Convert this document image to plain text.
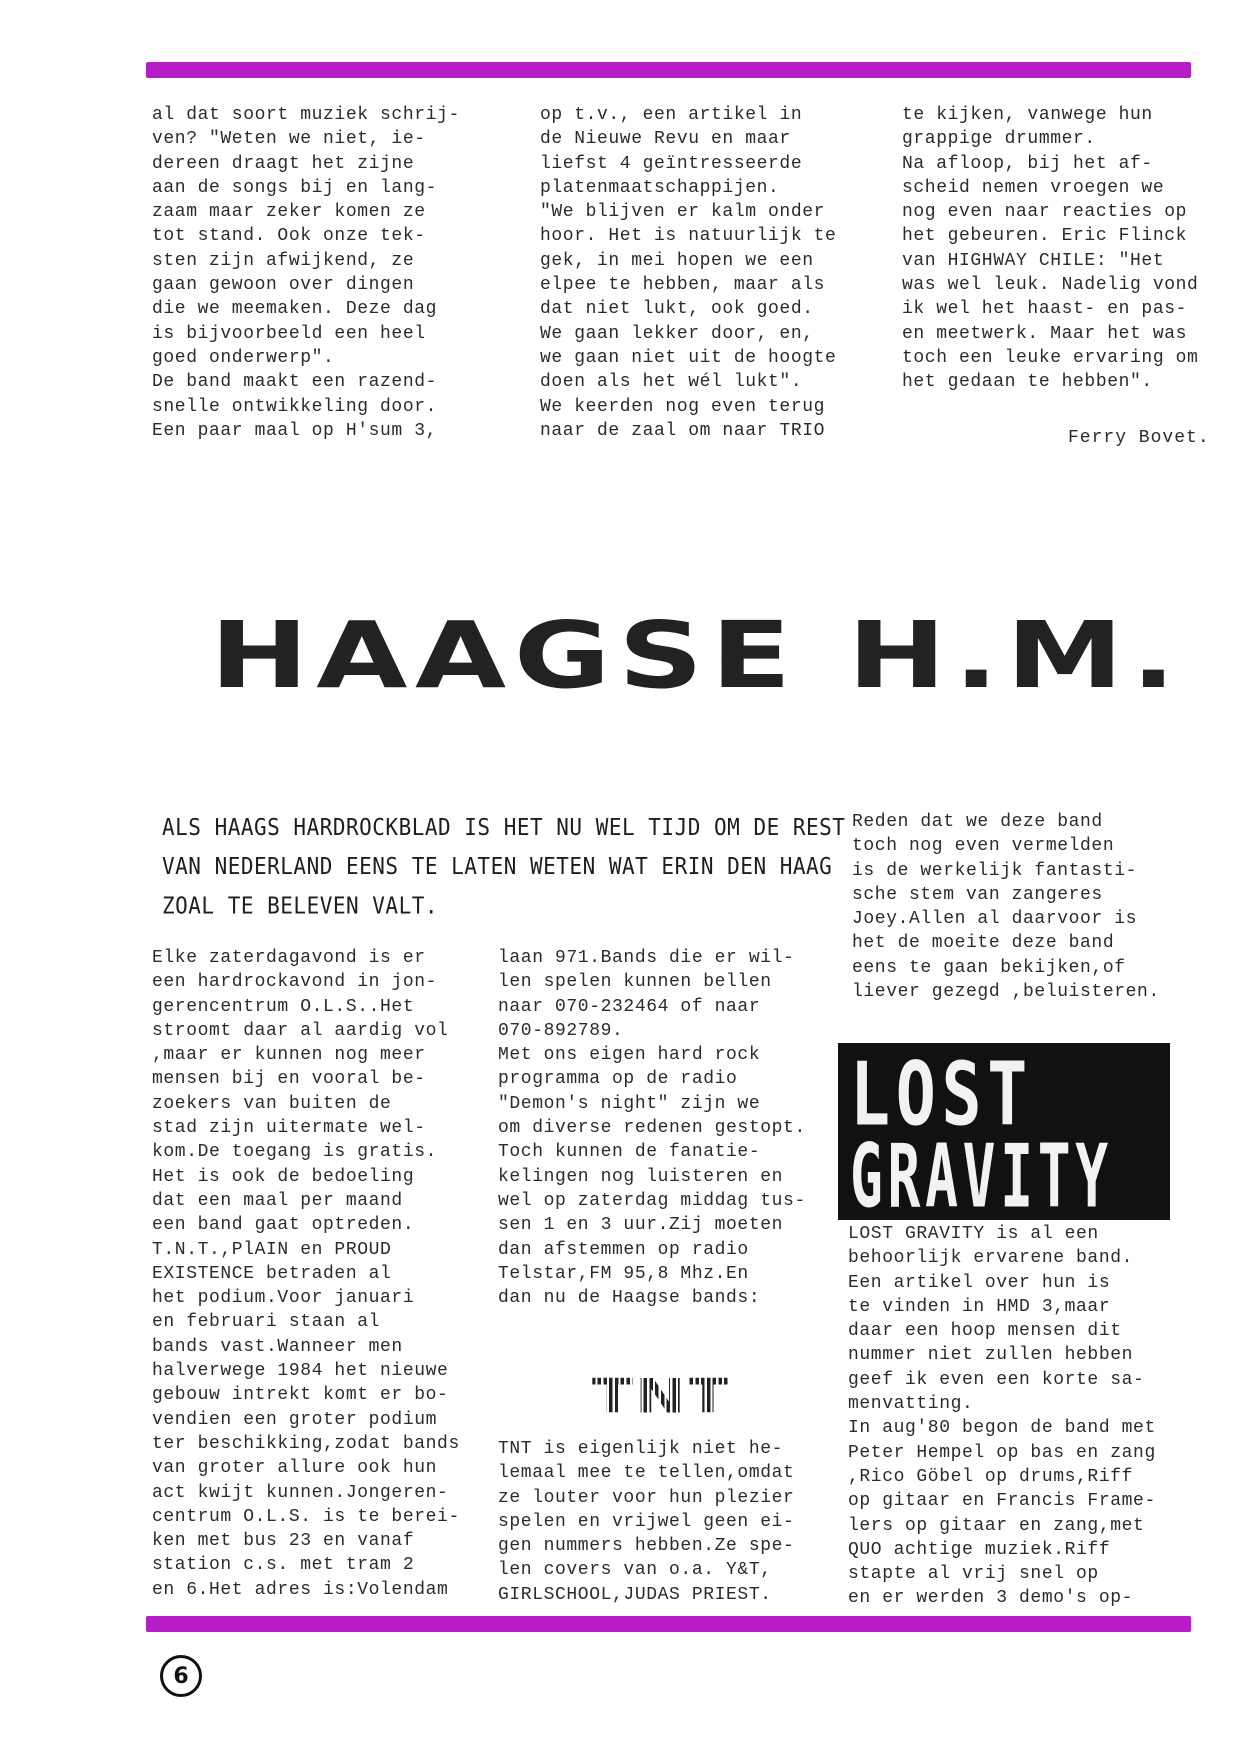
al dat soort muziek schrij-
ven? "Weten we niet, ie-
dereen draagt het zijne
aan de songs bij en lang-
zaam maar zeker komen ze
tot stand. Ook onze tek-
sten zijn afwijkend, ze
gaan gewoon over dingen
die we meemaken. Deze dag
is bijvoorbeeld een heel
goed onderwerp".
De band maakt een razend-
snelle ontwikkeling door.
Een paar maal op H'sum 3,
op t.v., een artikel in
de Nieuwe Revu en maar
liefst 4 geïntresseerde
platenmaatschappijen.
"We blijven er kalm onder
hoor. Het is natuurlijk te
gek, in mei hopen we een
elpee te hebben, maar als
dat niet lukt, ook goed.
We gaan lekker door, en,
we gaan niet uit de hoogte
doen als het wél lukt".
We keerden nog even terug
naar de zaal om naar TRIO
te kijken, vanwege hun
grappige drummer.
Na afloop, bij het af-
scheid nemen vroegen we
nog even naar reacties op
het gebeuren. Eric Flinck
van HIGHWAY CHILE: "Het
was wel leuk. Nadelig vond
ik wel het haast- en pas-
en meetwerk. Maar het was
toch een leuke ervaring om
het gedaan te hebben".
Ferry Bovet.
HAAGSE H.M.
ALS HAAGS HARDROCKBLAD IS HET NU WEL TIJD OM DE REST
VAN NEDERLAND EENS TE LATEN WETEN WAT ERIN DEN HAAG
ZOAL TE BELEVEN VALT.
Elke zaterdagavond is er
een hardrockavond in jon-
gerencentrum O.L.S..Het
stroomt daar al aardig vol
,maar er kunnen nog meer
mensen bij en vooral be-
zoekers van buiten de
stad zijn uitermate wel-
kom.De toegang is gratis.
Het is ook de bedoeling
dat een maal per maand
een band gaat optreden.
T.N.T.,PlAIN en PROUD
EXISTENCE betraden al
het podium.Voor januari
en februari staan al
bands vast.Wanneer men
halverwege 1984 het nieuwe
gebouw intrekt komt er bo-
vendien een groter podium
ter beschikking,zodat bands
van groter allure ook hun
act kwijt kunnen.Jongeren-
centrum O.L.S. is te berei-
ken met bus 23 en vanaf
station c.s. met tram 2
en 6.Het adres is:Volendam
laan 971.Bands die er wil-
len spelen kunnen bellen
naar 070-232464 of naar
070-892789.
Met ons eigen hard rock
programma op de radio
"Demon's night" zijn we
om diverse redenen gestopt.
Toch kunnen de fanatie-
kelingen nog luisteren en
wel op zaterdag middag tus-
sen 1 en 3 uur.Zij moeten
dan afstemmen op radio
Telstar,FM 95,8 Mhz.En
dan nu de Haagse bands:
TNT
TNT is eigenlijk niet he-
lemaal mee te tellen,omdat
ze louter voor hun plezier
spelen en vrijwel geen ei-
gen nummers hebben.Ze spe-
len covers van o.a. Y&T,
GIRLSCHOOL,JUDAS PRIEST.
Reden dat we deze band
toch nog even vermelden
is de werkelijk fantasti-
sche stem van zangeres
Joey.Allen al daarvoor is
het de moeite deze band
eens te gaan bekijken,of
liever gezegd ,beluisteren.
LOST
GRAVITY
LOST GRAVITY is al een
behoorlijk ervarene band.
Een artikel over hun is
te vinden in HMD 3,maar
daar een hoop mensen dit
nummer niet zullen hebben
geef ik even een korte sa-
menvatting.
In aug'80 begon de band met
Peter Hempel op bas en zang
,Rico Göbel op drums,Riff
op gitaar en Francis Frame-
lers op gitaar en zang,met
QUO achtige muziek.Riff
stapte al vrij snel op
en er werden 3 demo's op-
6
